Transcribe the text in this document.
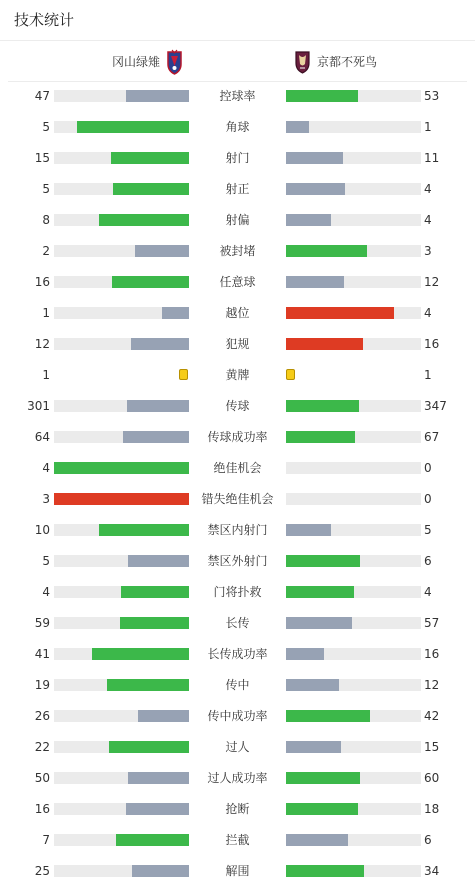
技术统计
冈山绿雉	京都不死鸟
47	控球率	53
5	角球	1
15	射门	11
5	射正	4
8	射偏	4
2	被封堵	3
16	任意球	12
1	越位	4
12	犯规	16
1	黄牌	1
301	传球	347
64	传球成功率	67
4	绝佳机会	0
3	错失绝佳机会	0
10	禁区内射门	5
5	禁区外射门	6
4	门将扑救	4
59	长传	57
41	长传成功率	16
19	传中	12
26	传中成功率	42
22	过人	15
50	过人成功率	60
16	抢断	18
7	拦截	6
25	解围	34
